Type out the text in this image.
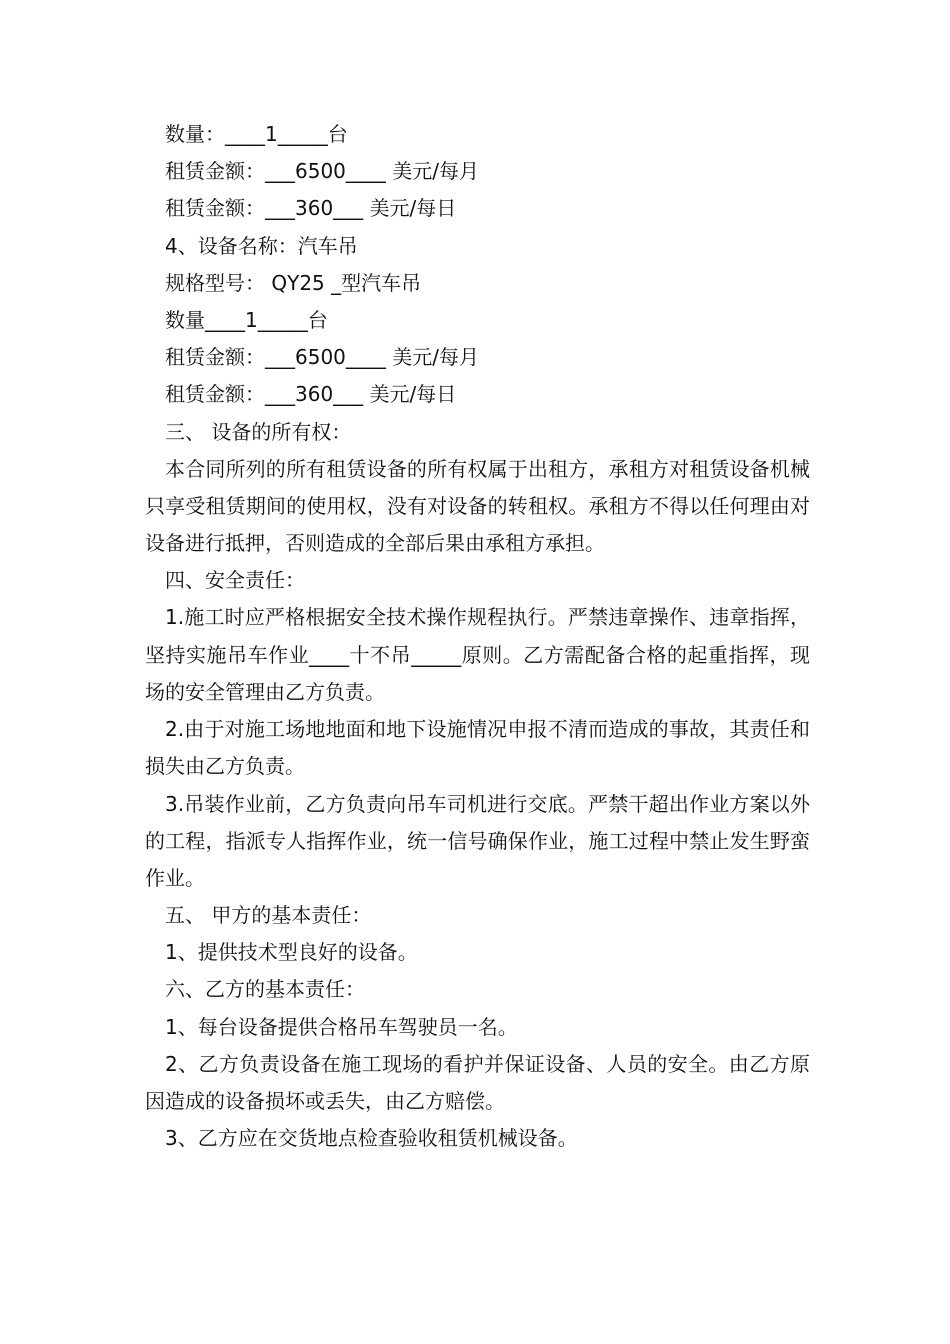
数量：____1_____台

租赁金额：___6500____ 美元/每月

租赁金额：___360___ 美元/每日

4、设备名称：汽车吊

规格型号： QY25 _型汽车吊

数量____1_____台

租赁金额：___6500____ 美元/每月

租赁金额：___360___ 美元/每日

三、 设备的所有权：

本合同所列的所有租赁设备的所有权属于出租方，承租方对租赁设备机械只享受租赁期间的使用权，没有对设备的转租权。承租方不得以任何理由对设备进行抵押，否则造成的全部后果由承租方承担。

四、安全责任：

1.施工时应严格根据安全技术操作规程执行。严禁违章操作、违章指挥，坚持实施吊车作业____十不吊_____原则。乙方需配备合格的起重指挥，现场的安全管理由乙方负责。

2.由于对施工场地地面和地下设施情况申报不清而造成的事故，其责任和损失由乙方负责。

3.吊装作业前，乙方负责向吊车司机进行交底。严禁干超出作业方案以外的工程，指派专人指挥作业，统一信号确保作业，施工过程中禁止发生野蛮作业。

五、 甲方的基本责任：

1、提供技术型良好的设备。

六、乙方的基本责任：

1、每台设备提供合格吊车驾驶员一名。

2、乙方负责设备在施工现场的看护并保证设备、人员的安全。由乙方原因造成的设备损坏或丢失，由乙方赔偿。

3、乙方应在交货地点检查验收租赁机械设备。
